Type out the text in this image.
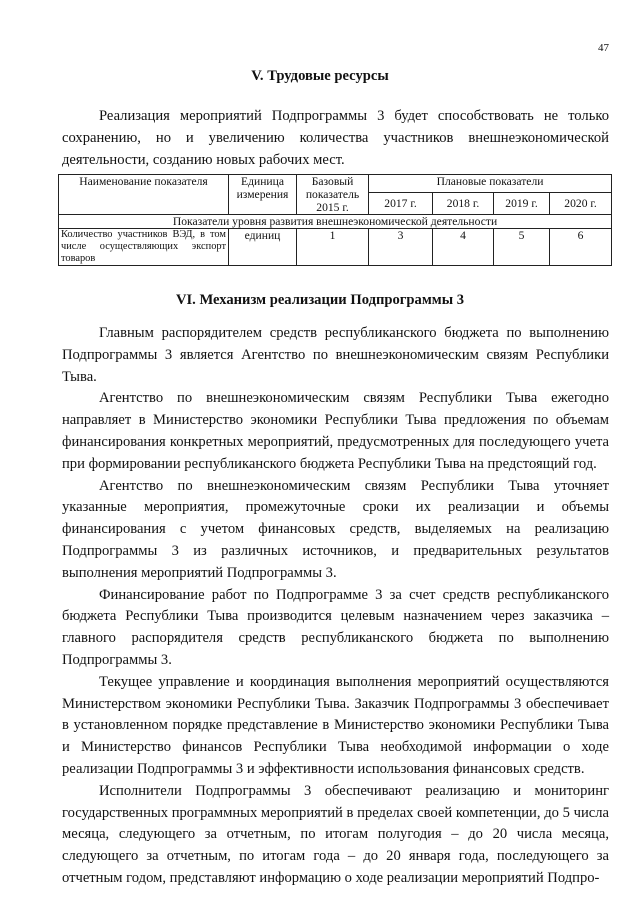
47
V. Трудовые ресурсы

Реализация мероприятий Подпрограммы 3 будет способствовать не только сохранению, но и увеличению количества участников внешнеэкономической деятельности, созданию новых рабочих мест.

Наименование показателя	Единица измерения	Базовый показатель 2015 г.	Плановые показатели			
			2017 г.	2018 г.	2019 г.	2020 г.
Показатели уровня развития внешнеэкономической деятельности						
Количество участников ВЭД, в том числе осуществляющих экспорт товаров	единиц	1	3	4	5	6
VI. Механизм реализации Подпрограммы 3

Главным распорядителем средств республиканского бюджета по выполнению Подпрограммы 3 является Агентство по внешнеэкономическим связям Республики Тыва.

Агентство по внешнеэкономическим связям Республики Тыва ежегодно направляет в Министерство экономики Республики Тыва предложения по объемам финансирования конкретных мероприятий, предусмотренных для последующего учета при формировании республиканского бюджета Республики Тыва на предстоящий год.

Агентство по внешнеэкономическим связям Республики Тыва уточняет указанные мероприятия, промежуточные сроки их реализации и объемы финансирования с учетом финансовых средств, выделяемых на реализацию Подпрограммы 3 из различных источников, и предварительных результатов выполнения мероприятий Подпрограммы 3.

Финансирование работ по Подпрограмме 3 за счет средств республиканского бюджета Республики Тыва производится целевым назначением через заказчика – главного распорядителя средств республиканского бюджета по выполнению Подпрограммы 3.

Текущее управление и координация выполнения мероприятий осуществляются Министерством экономики Республики Тыва. Заказчик Подпрограммы 3 обеспечивает в установленном порядке представление в Министерство экономики Республики Тыва и Министерство финансов Республики Тыва необходимой информации о ходе реализации Подпрограммы 3 и эффективности использования финансовых средств.

Исполнители Подпрограммы 3 обеспечивают реализацию и мониторинг государственных программных мероприятий в пределах своей компетенции, до 5 числа месяца, следующего за отчетным, по итогам полугодия – до 20 числа месяца, следующего за отчетным, по итогам года – до 20 января года, последующего за отчетным годом, представляют информацию о ходе реализации мероприятий Подпро-
